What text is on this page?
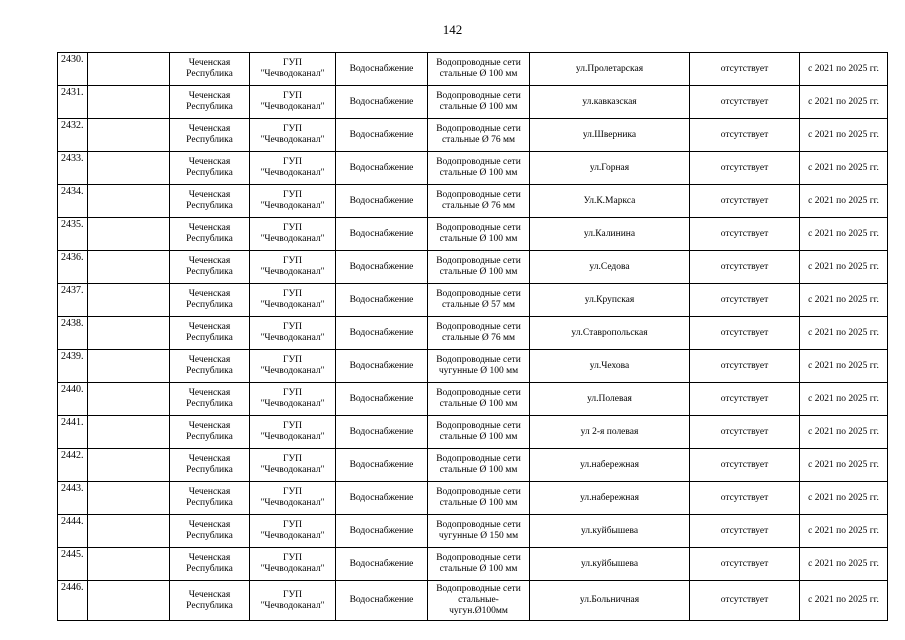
142
2430.		Чеченская Республика	ГУП "Чечводоканал"	Водоснабжение	Водопроводные сети стальные Ø 100 мм	ул.Пролетарская	отсутствует	с 2021 по 2025 гг.
2431.		Чеченская Республика	ГУП "Чечводоканал"	Водоснабжение	Водопроводные сети стальные Ø 100 мм	ул.кавказская	отсутствует	с 2021 по 2025 гг.
2432.		Чеченская Республика	ГУП "Чечводоканал"	Водоснабжение	Водопроводные сети стальные Ø 76 мм	ул.Шверника	отсутствует	с 2021 по 2025 гг.
2433.		Чеченская Республика	ГУП "Чечводоканал"	Водоснабжение	Водопроводные сети стальные Ø 100 мм	ул.Горная	отсутствует	с 2021 по 2025 гг.
2434.		Чеченская Республика	ГУП "Чечводоканал"	Водоснабжение	Водопроводные сети стальные Ø 76 мм	Ул.К.Маркса	отсутствует	с 2021 по 2025 гг.
2435.		Чеченская Республика	ГУП "Чечводоканал"	Водоснабжение	Водопроводные сети стальные Ø 100 мм	ул.Калинина	отсутствует	с 2021 по 2025 гг.
2436.		Чеченская Республика	ГУП "Чечводоканал"	Водоснабжение	Водопроводные сети стальные Ø 100 мм	ул.Седова	отсутствует	с 2021 по 2025 гг.
2437.		Чеченская Республика	ГУП "Чечводоканал"	Водоснабжение	Водопроводные сети стальные Ø 57 мм	ул.Крупская	отсутствует	с 2021 по 2025 гг.
2438.		Чеченская Республика	ГУП "Чечводоканал"	Водоснабжение	Водопроводные сети стальные Ø 76 мм	ул.Ставропольская	отсутствует	с 2021 по 2025 гг.
2439.		Чеченская Республика	ГУП "Чечводоканал"	Водоснабжение	Водопроводные сети чугунные Ø 100 мм	ул.Чехова	отсутствует	с 2021 по 2025 гг.
2440.		Чеченская Республика	ГУП "Чечводоканал"	Водоснабжение	Водопроводные сети стальные Ø 100 мм	ул.Полевая	отсутствует	с 2021 по 2025 гг.
2441.		Чеченская Республика	ГУП "Чечводоканал"	Водоснабжение	Водопроводные сети стальные Ø 100 мм	ул 2-я полевая	отсутствует	с 2021 по 2025 гг.
2442.		Чеченская Республика	ГУП "Чечводоканал"	Водоснабжение	Водопроводные сети стальные Ø 100 мм	ул.набережная	отсутствует	с 2021 по 2025 гг.
2443.		Чеченская Республика	ГУП "Чечводоканал"	Водоснабжение	Водопроводные сети стальные Ø 100 мм	ул.набережная	отсутствует	с 2021 по 2025 гг.
2444.		Чеченская Республика	ГУП "Чечводоканал"	Водоснабжение	Водопроводные сети чугунные Ø 150 мм	ул.куйбышева	отсутствует	с 2021 по 2025 гг.
2445.		Чеченская Республика	ГУП "Чечводоканал"	Водоснабжение	Водопроводные сети стальные Ø 100 мм	ул.куйбышева	отсутствует	с 2021 по 2025 гг.
2446.		Чеченская Республика	ГУП "Чечводоканал"	Водоснабжение	Водопроводные сети стальные-чугун.Ø100мм	ул.Больничная	отсутствует	с 2021 по 2025 гг.
